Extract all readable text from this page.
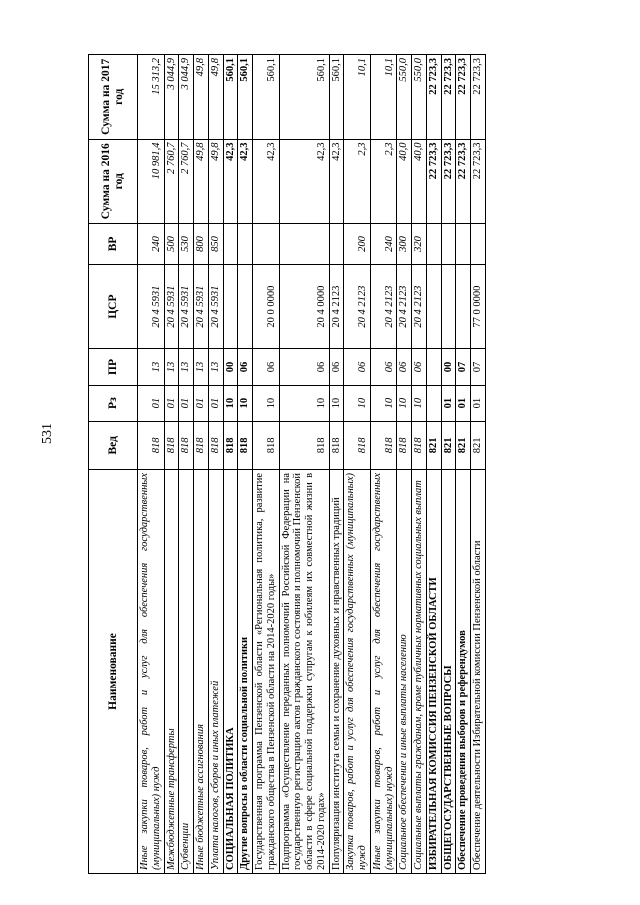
531
Наименование	Вед	Рз	ПР	ЦСР	ВР	Сумма на 2016 год	Сумма на 2017 год
Иные закупки товаров, работ и услуг для обеспечения государственных (муниципальных) нужд	818	01	13	20 4 5931	240	10 981,4	15 313,2
Межбюджетные трансферты	818	01	13	20 4 5931	500	2 760,7	3 044,9
Субвенции	818	01	13	20 4 5931	530	2 760,7	3 044,9
Иные бюджетные ассигнования	818	01	13	20 4 5931	800	49,8	49,8
Уплата налогов, сборов и иных платежей	818	01	13	20 4 5931	850	49,8	49,8
СОЦИАЛЬНАЯ ПОЛИТИКА	818	10	00			42,3	560,1
Другие вопросы в области социальной политики	818	10	06			42,3	560,1
Государственная программа Пензенской области «Региональная политика, развитие гражданского общества в Пензенской области на 2014-2020 годы»	818	10	06	20 0 0000		42,3	560,1
Подпрограмма «Осуществление переданных полномочий Российской Федерации на государственную регистрацию актов гражданского состояния и полномочий Пензенской области в сфере социальной поддержки супругам к юбилеям их совместной жизни в 2014-2020 годах»	818	10	06	20 4 0000		42,3	560,1
Популяризация института семьи и сохранение духовных и нравственных традиций	818	10	06	20 4 2123		42,3	560,1
Закупка товаров, работ и услуг для обеспечения государственных (муниципальных) нужд	818	10	06	20 4 2123	200	2,3	10,1
Иные закупки товаров, работ и услуг для обеспечения государственных (муниципальных) нужд	818	10	06	20 4 2123	240	2,3	10,1
Социальное обеспечение и иные выплаты населению	818	10	06	20 4 2123	300	40,0	550,0
Социальные выплаты гражданам, кроме публичных нормативных социальных выплат	818	10	06	20 4 2123	320	40,0	550,0
ИЗБИРАТЕЛЬНАЯ КОМИССИЯ ПЕНЗЕНСКОЙ ОБЛАСТИ	821					22 723,3	22 723,3
ОБЩЕГОСУДАРСТВЕННЫЕ ВОПРОСЫ	821	01	00			22 723,3	22 723,3
Обеспечение проведения выборов и референдумов	821	01	07			22 723,3	22 723,3
Обеспечение деятельности Избирательной комиссии Пензенской области	821	01	07	77 0 0000		22 723,3	22 723,3
